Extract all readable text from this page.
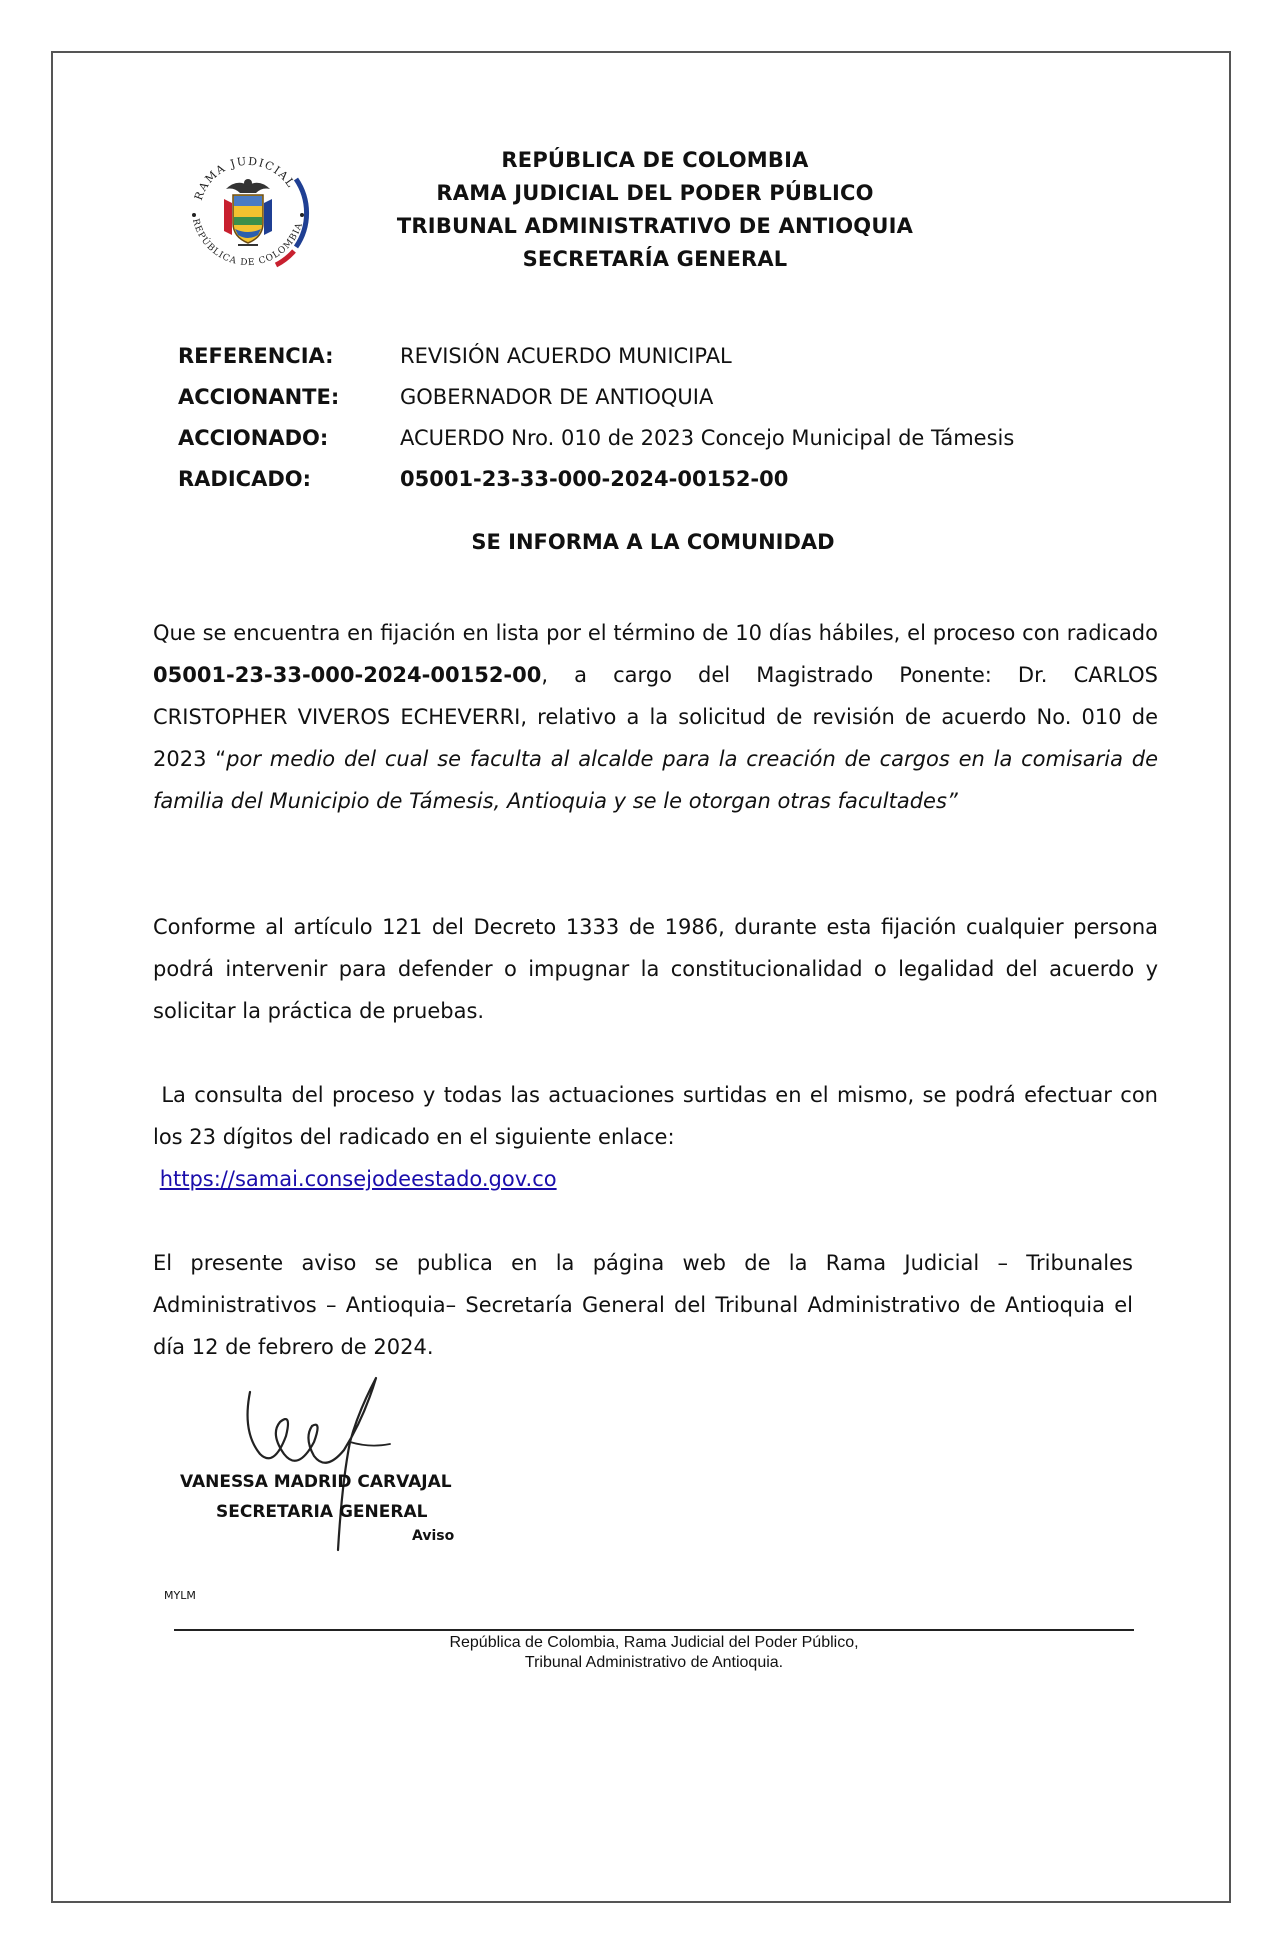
RAMA JUDICIAL
REPÚBLICA DE COLOMBIA
REPÚBLICA DE COLOMBIA
RAMA JUDICIAL DEL PODER PÚBLICO
TRIBUNAL ADMINISTRATIVO DE ANTIOQUIA
SECRETARÍA GENERAL
REFERENCIA:	REVISIÓN ACUERDO MUNICIPAL
ACCIONANTE:	GOBERNADOR DE ANTIOQUIA
ACCIONADO:	ACUERDO Nro. 010 de 2023 Concejo Municipal de Támesis
RADICADO:	05001-23-33-000-2024-00152-00
SE INFORMA A LA COMUNIDAD
Que se encuentra en fijación en lista por el término de 10 días hábiles, el proceso con radicado 05001-23-33-000-2024-00152-00, a cargo del Magistrado Ponente: Dr. CARLOS CRISTOPHER VIVEROS ECHEVERRI, relativo a la solicitud de revisión de acuerdo No. 010 de 2023 “por medio del cual se faculta al alcalde para la creación de cargos en la comisaria de familia del Municipio de Támesis, Antioquia y se le otorgan otras facultades”
Conforme al artículo 121 del Decreto 1333 de 1986, durante esta fijación cualquier persona podrá intervenir para defender o impugnar la constitucionalidad o legalidad del acuerdo y solicitar la práctica de pruebas.
La consulta del proceso y todas las actuaciones surtidas en el mismo, se podrá efectuar con los 23 dígitos del radicado en el siguiente enlace:
https://samai.consejodeestado.gov.co
El presente aviso se publica en la página web de la Rama Judicial – Tribunales Administrativos – Antioquia– Secretaría General del Tribunal Administrativo de Antioquia el día 12 de febrero de 2024.
VANESSA MADRID CARVAJAL
SECRETARIA GENERAL
Aviso
MYLM
República de Colombia, Rama Judicial del Poder Público,
Tribunal Administrativo de Antioquia.
